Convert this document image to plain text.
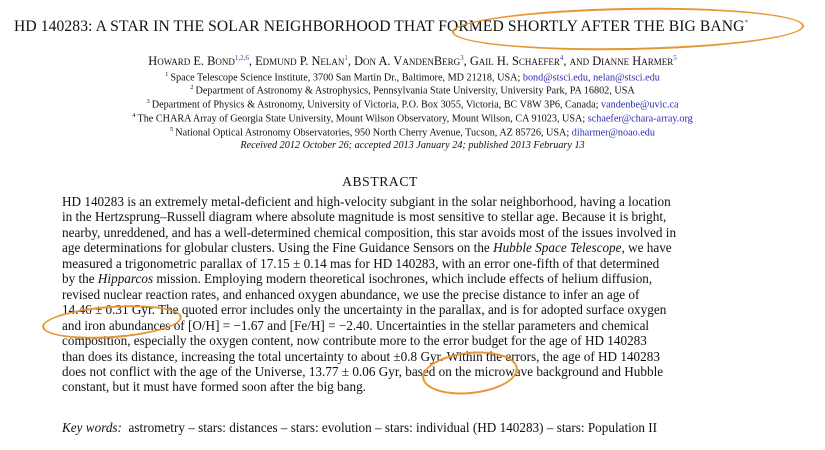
HD 140283: A STAR IN THE SOLAR NEIGHBORHOOD THAT FORMED SHORTLY AFTER THE BIG BANG*
Howard E. Bond$^{1,2,6}$, Edmund P. Nelan$^1$, Don A. VandenBerg$^3$, Gail H. Schaefer$^4$, and Dianne Harmer$^5$
$^1$ Space Telescope Science Institute, 3700 San Martin Dr., Baltimore, MD 21218, USA; bond@stsci.edu, nelan@stsci.edu
$^2$ Department of Astronomy & Astrophysics, Pennsylvania State University, University Park, PA 16802, USA
$^3$ Department of Physics & Astronomy, University of Victoria, P.O. Box 3055, Victoria, BC V8W 3P6, Canada; vandenbe@uvic.ca
$^4$ The CHARA Array of Georgia State University, Mount Wilson Observatory, Mount Wilson, CA 91023, USA; schaefer@chara-array.org
$^5$ National Optical Astronomy Observatories, 950 North Cherry Avenue, Tucson, AZ 85726, USA; diharmer@noao.edu
Received 2012 October 26; accepted 2013 January 24; published 2013 February 13
ABSTRACT
HD 140283 is an extremely metal-deficient and high-velocity subgiant in the solar neighborhood, having a location
in the Hertzsprung–Russell diagram where absolute magnitude is most sensitive to stellar age. Because it is bright,
nearby, unreddened, and has a well-determined chemical composition, this star avoids most of the issues involved in
age determinations for globular clusters. Using the Fine Guidance Sensors on the Hubble Space Telescope, we have
measured a trigonometric parallax of 17.15 ± 0.14 mas for HD 140283, with an error one-fifth of that determined
by the Hipparcos mission. Employing modern theoretical isochrones, which include effects of helium diffusion,
revised nuclear reaction rates, and enhanced oxygen abundance, we use the precise distance to infer an age of
14.46 ± 0.31 Gyr. The quoted error includes only the uncertainty in the parallax, and is for adopted surface oxygen
and iron abundances of [O/H] = −1.67 and [Fe/H] = −2.40. Uncertainties in the stellar parameters and chemical
composition, especially the oxygen content, now contribute more to the error budget for the age of HD 140283
than does its distance, increasing the total uncertainty to about ±0.8 Gyr. Within the errors, the age of HD 140283
does not conflict with the age of the Universe, 13.77 ± 0.06 Gyr, based on the microwave background and Hubble
constant, but it must have formed soon after the big bang.
Key words: astrometry – stars: distances – stars: evolution – stars: individual (HD 140283) – stars: Population II
